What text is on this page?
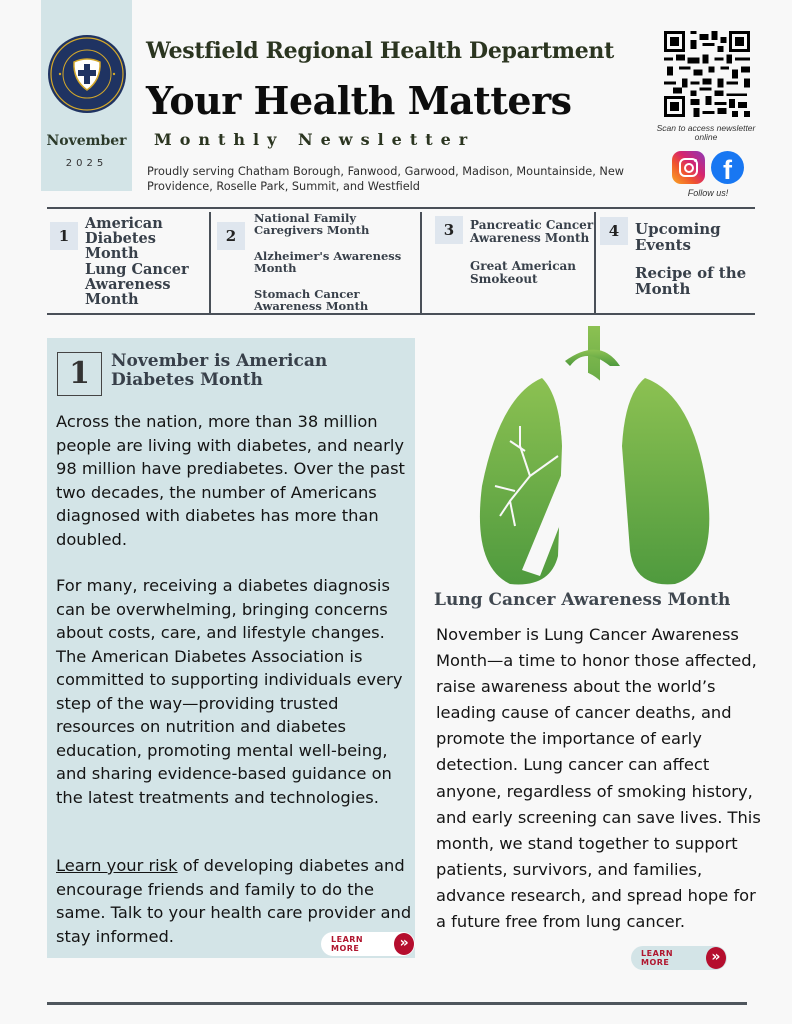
November
2025
Westfield Regional Health Department
Your Health Matters
Monthly Newsletter
Proudly serving Chatham Borough, Fanwood, Garwood, Madison, Mountainside, New Providence, Roselle Park, Summit, and Westfield
Scan to access newsletter online
f
Follow us!
1
American Diabetes Month
Lung Cancer Awareness Month
2
National Family Caregivers Month
Alzheimer's Awareness Month
Stomach Cancer Awareness Month
3	Pancreatic Cancer Awareness Month
Great American Smokeout
4	Upcoming Events
Recipe of the Month
1	November is American Diabetes Month
Across the nation, more than 38 million people are living with diabetes, and nearly 98 million have prediabetes. Over the past two decades, the number of Americans diagnosed with diabetes has more than doubled.
For many, receiving a diabetes diagnosis can be overwhelming, bringing concerns about costs, care, and lifestyle changes. The American Diabetes Association is committed to supporting individuals every step of the way—providing trusted resources on nutrition and diabetes education, promoting mental well-being, and sharing evidence-based guidance on the latest treatments and technologies.
Learn your risk of developing diabetes and encourage friends and family to do the same. Talk to your health care provider and stay informed.	LEARN MORE	»
Lung Cancer Awareness Month
November is Lung Cancer Awareness Month—a time to honor those affected, raise awareness about the world’s leading cause of cancer deaths, and promote the importance of early detection. Lung cancer can affect anyone, regardless of smoking history, and early screening can save lives. This month, we stand together to support patients, survivors, and families, advance research, and spread hope for a future free from lung cancer.
LEARN MORE	»
